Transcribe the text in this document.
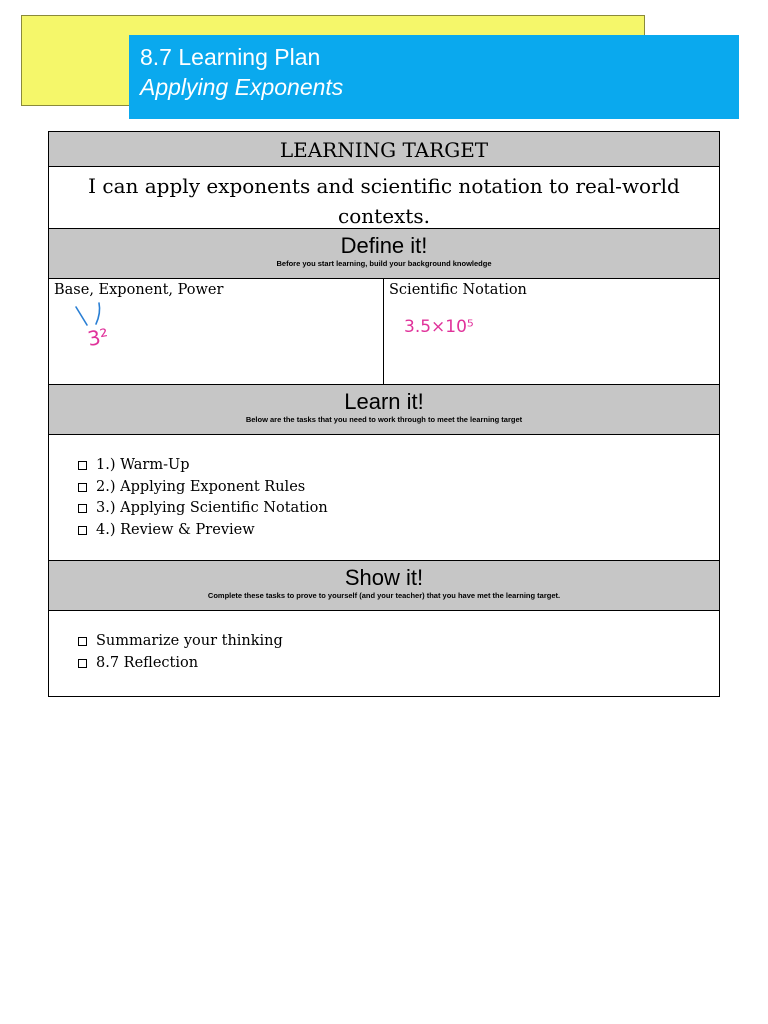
8.7 Learning Plan
Applying Exponents
LEARNING TARGET
I can apply exponents and scientific notation to real-world contexts.
Define it!
Before you start learning, build your background knowledge
Base, Exponent, Power
3²
Scientific Notation
3.5×10⁵
Learn it!
Below are the tasks that you need to work through to meet the learning target
1.) Warm-Up
2.) Applying Exponent Rules
3.) Applying Scientific Notation
4.) Review & Preview
Show it!
Complete these tasks to prove to yourself (and your teacher) that you have met the learning target.
Summarize your thinking
8.7 Reflection
